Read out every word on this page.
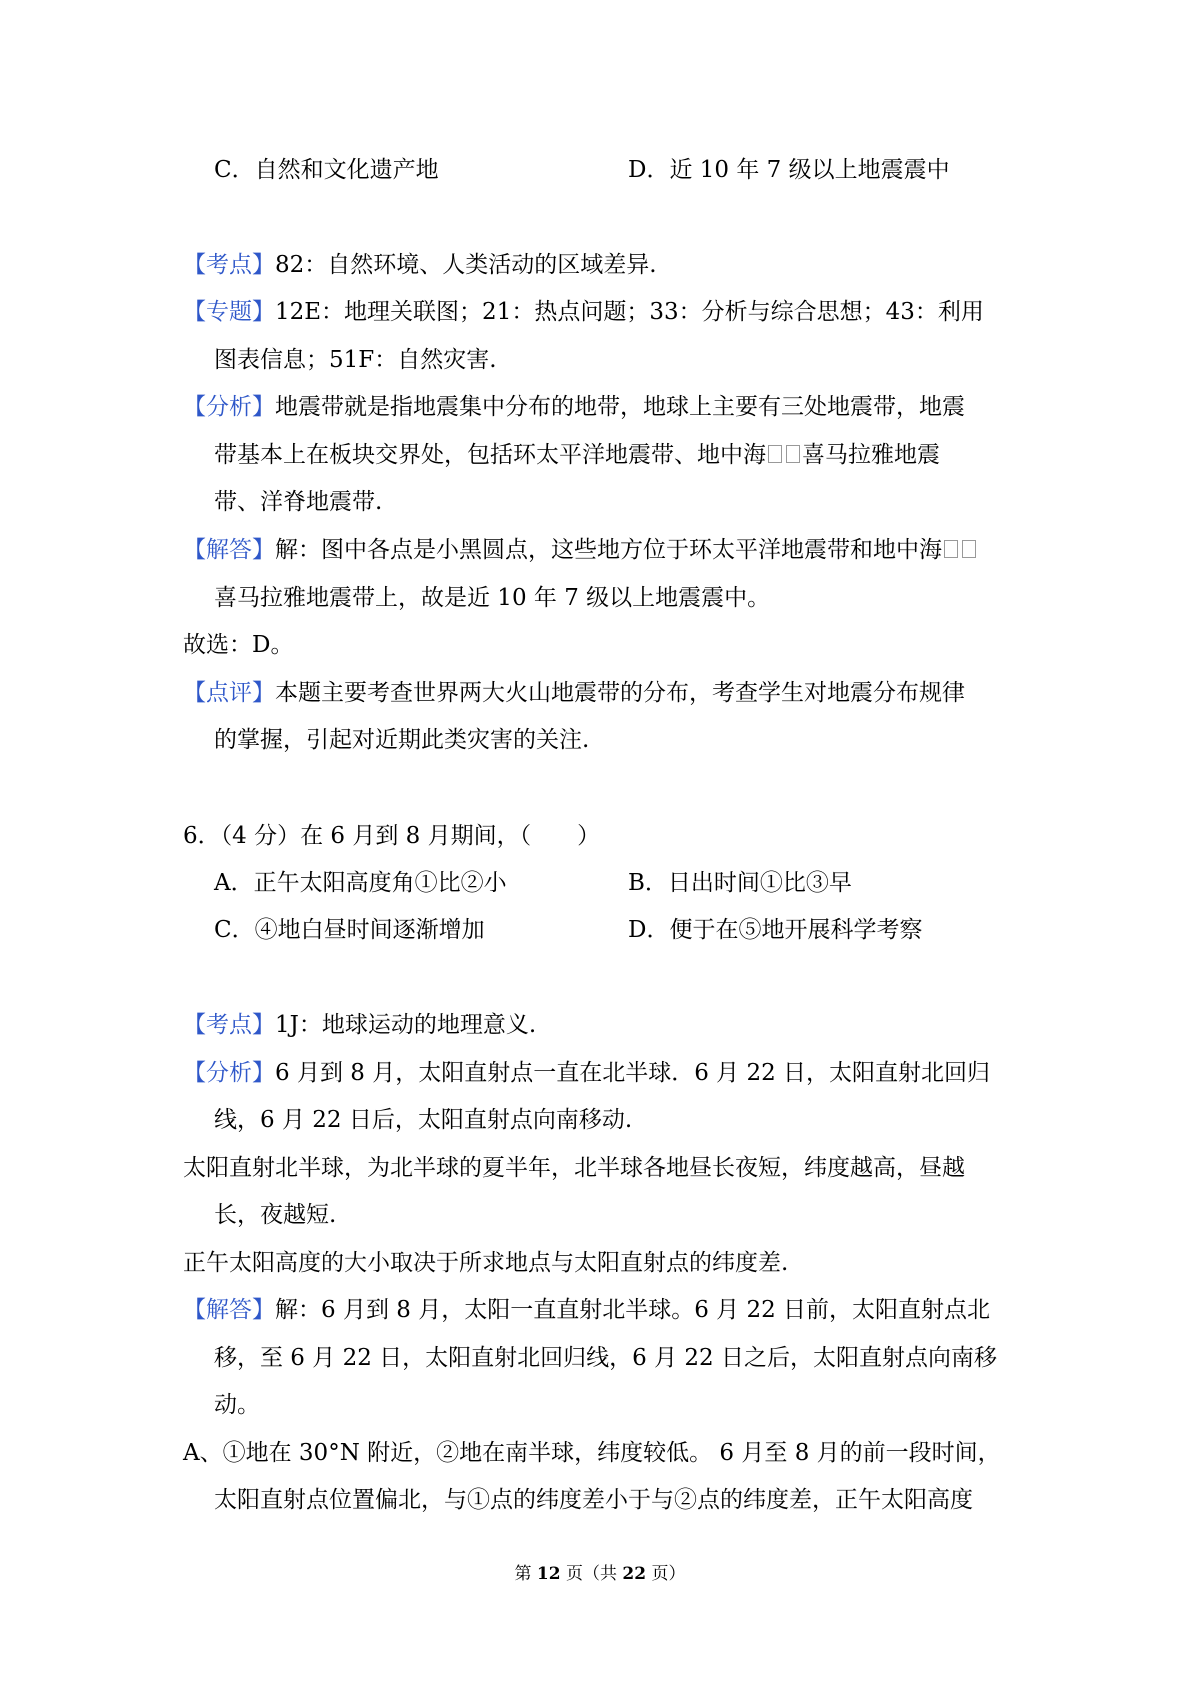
C．自然和文化遗产地	D．近 10 年 7 级以上地震震中
【考点】82：自然环境、人类活动的区域差异.
【专题】12E：地理关联图；21：热点问题；33：分析与综合思想；43：利用
图表信息；51F：自然灾害.
【分析】地震带就是指地震集中分布的地带，地球上主要有三处地震带，地震
带基本上在板块交界处，包括环太平洋地震带、地中海 喜马拉雅地震
带、洋脊地震带.
【解答】解：图中各点是小黑圆点，这些地方位于环太平洋地震带和地中海
喜马拉雅地震带上，故是近 10 年 7 级以上地震震中。
故选：D。
【点评】本题主要考查世界两大火山地震带的分布，考查学生对地震分布规律
的掌握，引起对近期此类灾害的关注.
6．（4 分）在 6 月到 8 月期间，（　　）
A．正午太阳高度角①比②小	B．日出时间①比③早
C．④地白昼时间逐渐增加	D．便于在⑤地开展科学考察
【考点】1J：地球运动的地理意义.
【分析】6 月到 8 月，太阳直射点一直在北半球．6 月 22 日，太阳直射北回归
线，6 月 22 日后，太阳直射点向南移动.
太阳直射北半球，为北半球的夏半年，北半球各地昼长夜短，纬度越高，昼越
长，夜越短.
正午太阳高度的大小取决于所求地点与太阳直射点的纬度差.
【解答】解：6 月到 8 月，太阳一直直射北半球。6 月 22 日前，太阳直射点北
移，至 6 月 22 日，太阳直射北回归线，6 月 22 日之后，太阳直射点向南移
动。
A、①地在 30°N 附近，②地在南半球，纬度较低。 6 月至 8 月的前一段时间，
太阳直射点位置偏北，与①点的纬度差小于与②点的纬度差，正午太阳高度
第 12 页（共 22 页）
